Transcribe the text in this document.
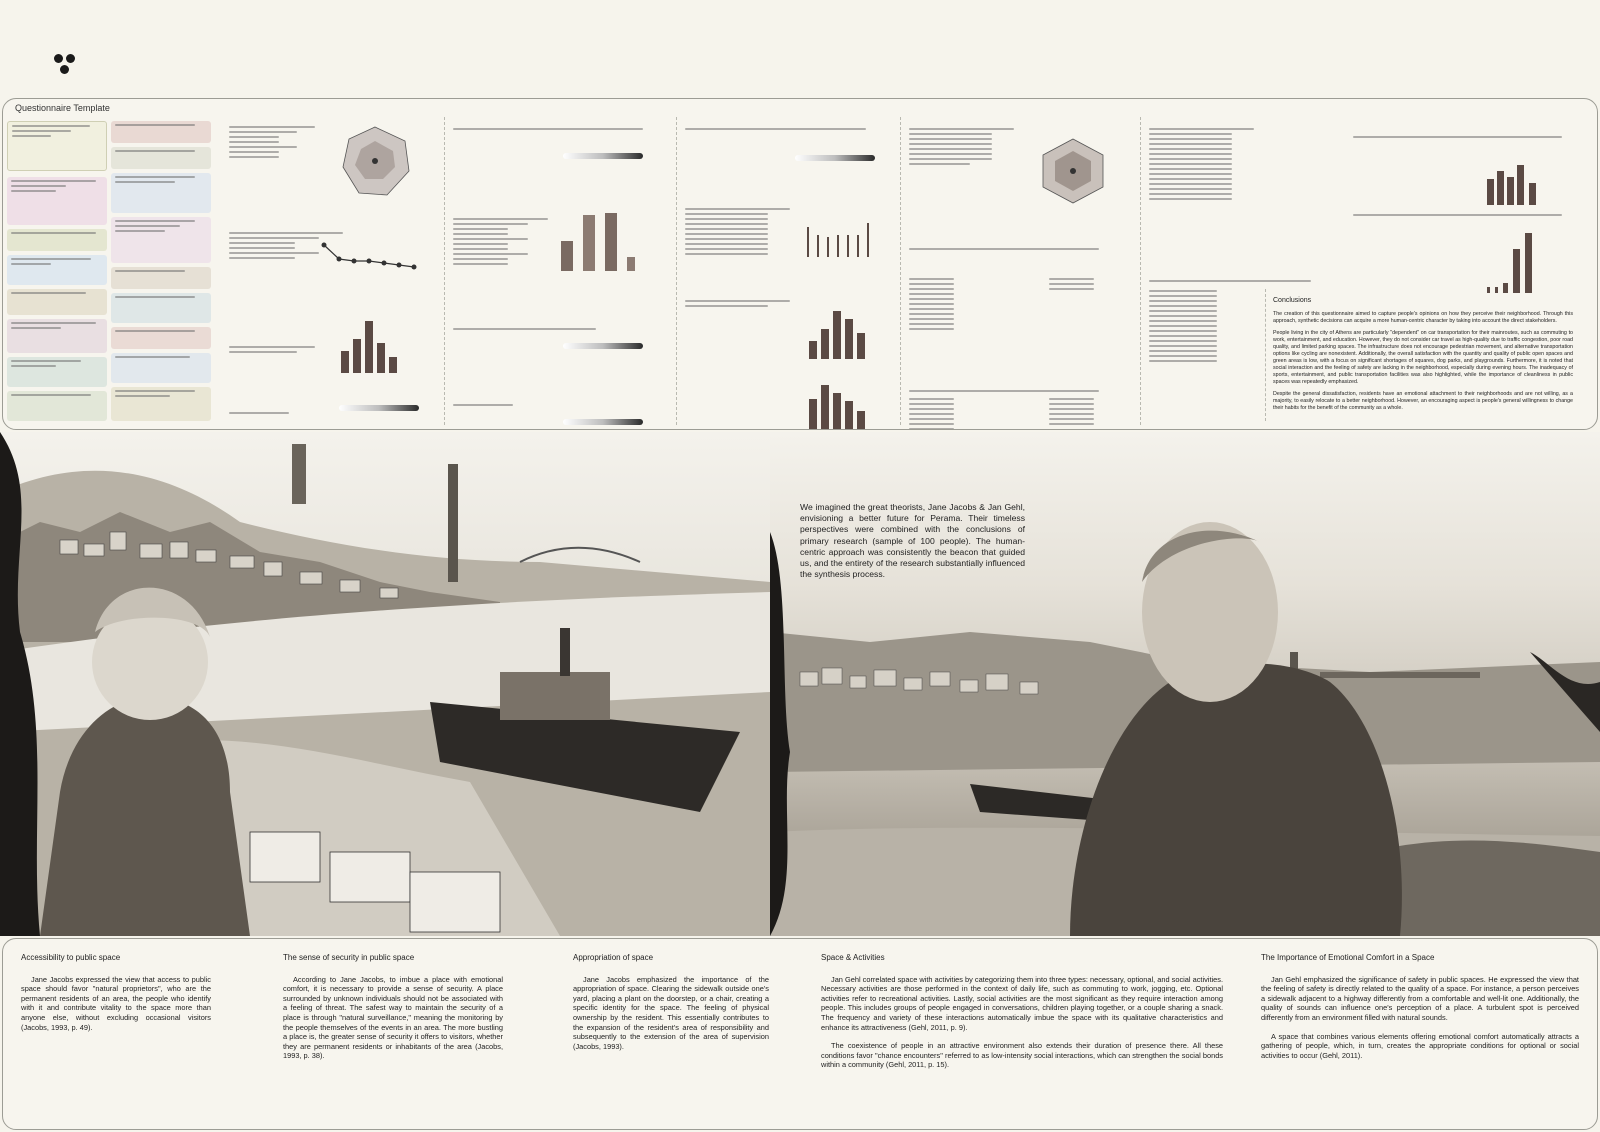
Questionnaire Template
Conclusions

The creation of this questionnaire aimed to capture people's opinions on how they perceive their neighborhood. Through this approach, synthetic decisions can acquire a more human-centric character by taking into account the direct stakeholders.

People living in the city of Athens are particularly "dependent" on car transportation for their mainroutes, such as commuting to work, entertainment, and education. However, they do not consider car travel as high-quality due to traffic congestion, poor road quality, and limited parking spaces. The infrastructure does not encourage pedestrian movement, and alternative transportation options like cycling are nonexistent. Additionally, the overall satisfaction with the quantity and quality of public open spaces and green areas is low, with a focus on significant shortages of squares, dog parks, and playgrounds. Furthermore, it is noted that social interaction and the feeling of safety are lacking in the neighborhood, especially during evening hours. The inadequacy of sports, entertainment, and public transportation facilities was also highlighted, while the importance of cleanliness in public spaces was repeatedly emphasized.

Despite the general dissatisfaction, residents have an emotional attachment to their neighborhoods and are not willing, as a majority, to easily relocate to a better neighborhood. However, an encouraging aspect is people's general willingness to change their habits for the benefit of the community as a whole.

We imagined the great theorists, Jane Jacobs & Jan Gehl, envisioning a better future for Perama. Their timeless perspectives were combined with the conclusions of primary research (sample of 100 people). The human-centric approach was consistently the beacon that guided us, and the entirety of the research substantially influenced the synthesis process.
Accessibility to public space

Jane Jacobs expressed the view that access to public space should favor "natural proprietors", who are the permanent residents of an area, the people who identify with it and contribute vitality to the space more than anyone else, without excluding occasional visitors (Jacobs, 1993, p. 49).

The sense of security in public space

According to Jane Jacobs, to imbue a place with emotional comfort, it is necessary to provide a sense of security. A place surrounded by unknown individuals should not be associated with a feeling of threat. The safest way to maintain the security of a place is through "natural surveillance," meaning the monitoring by the people themselves of the events in an area. The more bustling a place is, the greater sense of security it offers to visitors, whether they are permanent residents or inhabitants of the area (Jacobs, 1993, p. 38).

Appropriation of space

Jane Jacobs emphasized the importance of the appropriation of space. Clearing the sidewalk outside one's yard, placing a plant on the doorstep, or a chair, creating a specific identity for the space. The feeling of physical ownership by the resident. This essentially contributes to the expansion of the resident's area of responsibility and subsequently to the extension of the area of supervision (Jacobs, 1993).

Space & Activities

Jan Gehl correlated space with activities by categorizing them into three types: necessary, optional, and social activities. Necessary activities are those performed in the context of daily life, such as commuting to work, jogging, etc. Optional activities refer to recreational activities. Lastly, social activities are the most significant as they require interaction among people. This includes groups of people engaged in conversations, children playing together, or a couple sharing a snack. The frequency and variety of these interactions automatically imbue the space with its qualitative characteristics and enhance its attractiveness (Gehl, 2011, p. 9).

The coexistence of people in an attractive environment also extends their duration of presence there. All these conditions favor "chance encounters" referred to as low-intensity social interactions, which can strengthen the social bonds within a community (Gehl, 2011, p. 15).

The Importance of Emotional Comfort in a Space

Jan Gehl emphasized the significance of safety in public spaces. He expressed the view that the feeling of safety is directly related to the quality of a space. For instance, a person perceives a sidewalk adjacent to a highway differently from a comfortable and well-lit one. Additionally, the quality of sounds can influence one's perception of a place. A turbulent spot is perceived differently from an environment filled with natural sounds.

A space that combines various elements offering emotional comfort automatically attracts a gathering of people, which, in turn, creates the appropriate conditions for optional or social activities to occur (Gehl, 2011).
